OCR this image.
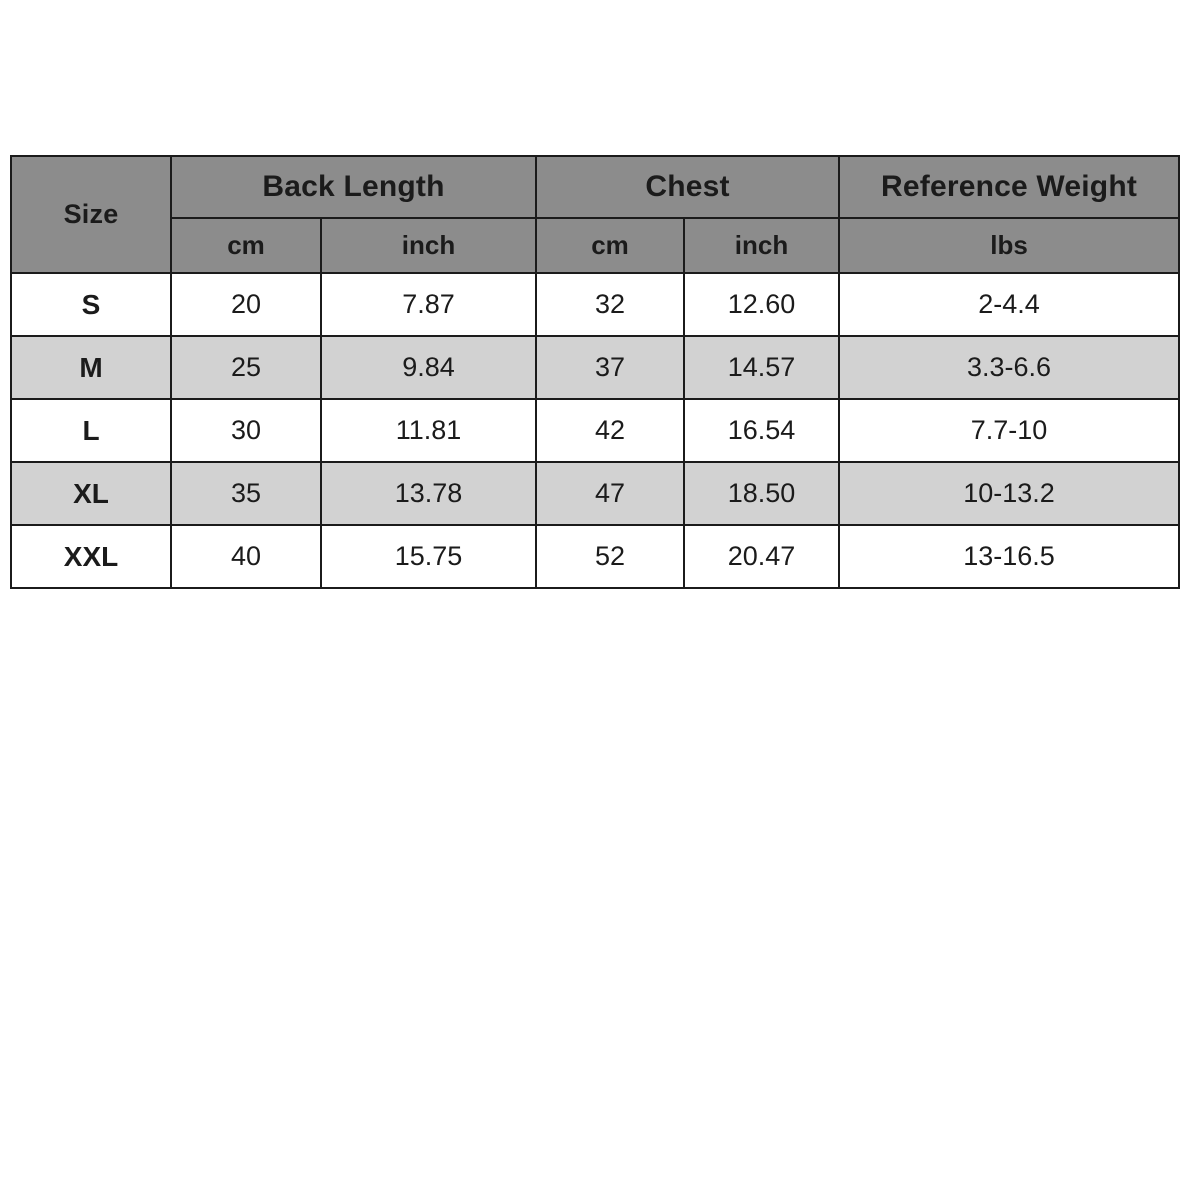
Size	Back Length		Chest		Reference Weight
	cm	inch	cm	inch	lbs
S	20	7.87	32	12.60	2-4.4
M	25	9.84	37	14.57	3.3-6.6
L	30	11.81	42	16.54	7.7-10
XL	35	13.78	47	18.50	10-13.2
XXL	40	15.75	52	20.47	13-16.5
